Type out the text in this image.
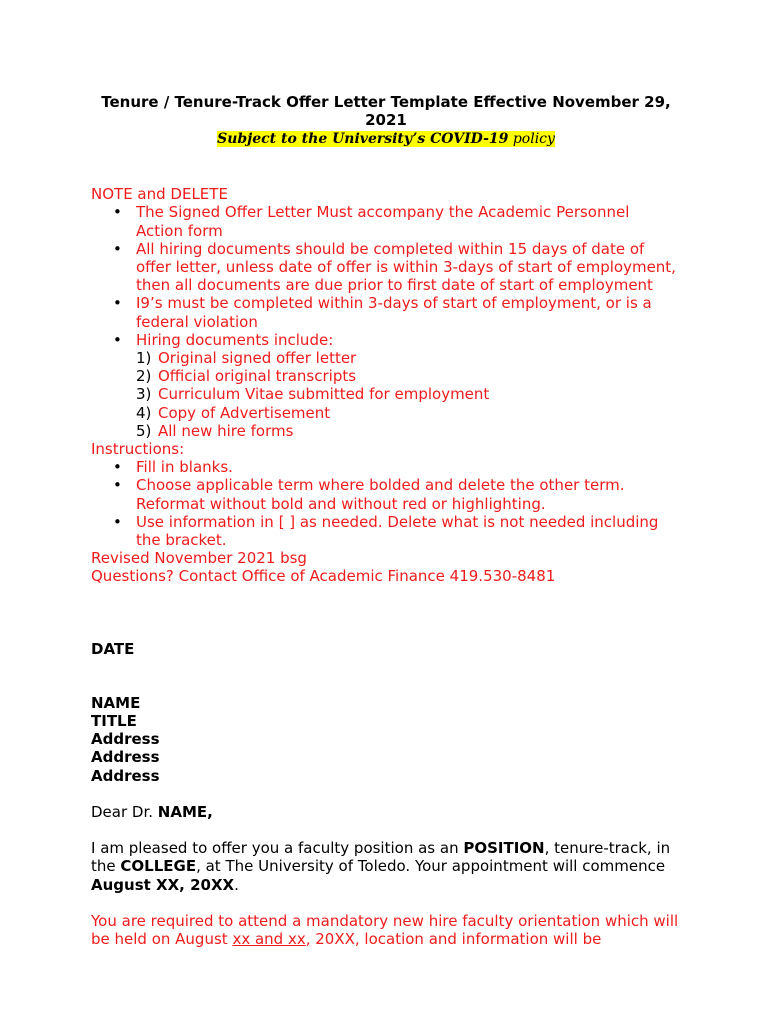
Tenure / Tenure-Track Offer Letter Template Effective November 29, 2021
Subject to the University’s COVID-19 policy
NOTE and DELETE
• The Signed Offer Letter Must accompany the Academic Personnel Action form
• All hiring documents should be completed within 15 days of date of offer letter, unless date of offer is within 3-days of start of employment, then all documents are due prior to first date of start of employment
• I9’s must be completed within 3-days of start of employment, or is a federal violation
• Hiring documents include:
1) Original signed offer letter
2) Official original transcripts
3) Curriculum Vitae submitted for employment
4) Copy of Advertisement
5) All new hire forms
Instructions:
• Fill in blanks.
• Choose applicable term where bolded and delete the other term. Reformat without bold and without red or highlighting.
• Use information in [ ] as needed. Delete what is not needed including the bracket.
Revised November 2021 bsg
Questions? Contact Office of Academic Finance 419.530-8481
DATE
NAME
TITLE
Address
Address
Address
Dear Dr. NAME,
I am pleased to offer you a faculty position as an POSITION, tenure-track, in the COLLEGE, at The University of Toledo. Your appointment will commence August XX, 20XX.
You are required to attend a mandatory new hire faculty orientation which will be held on August xx and xx, 20XX, location and information will be
